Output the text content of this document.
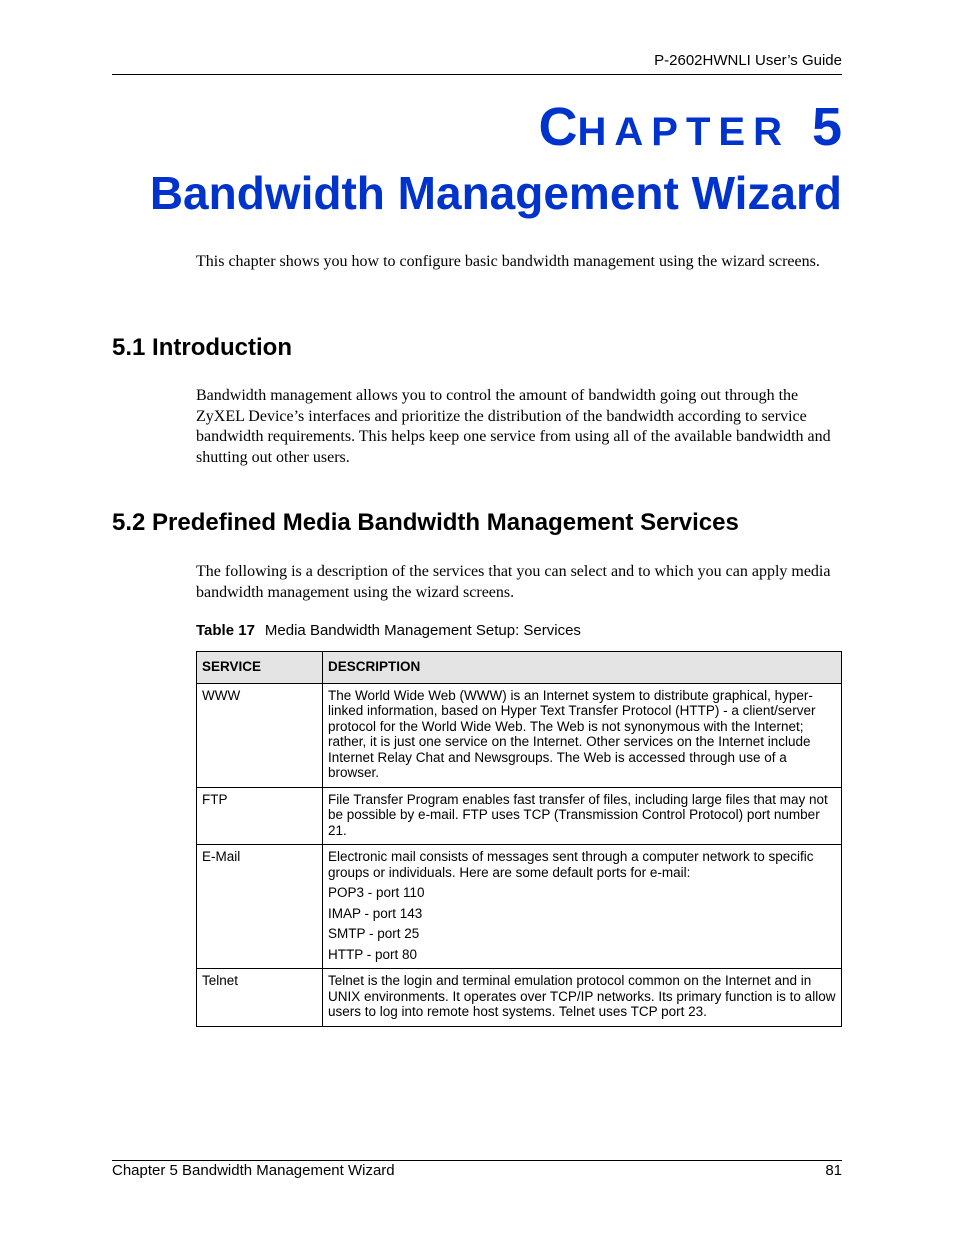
P-2602HWNLI User’s Guide
CHAPTER 5
Bandwidth Management Wizard
This chapter shows you how to configure basic bandwidth management using the wizard screens.
5.1 Introduction
Bandwidth management allows you to control the amount of bandwidth going out through the ZyXEL Device’s interfaces and prioritize the distribution of the bandwidth according to service bandwidth requirements. This helps keep one service from using all of the available bandwidth and shutting out other users.
5.2 Predefined Media Bandwidth Management Services
The following is a description of the services that you can select and to which you can apply media bandwidth management using the wizard screens.
Table 17 Media Bandwidth Management Setup: Services
SERVICE	DESCRIPTION
WWW	The World Wide Web (WWW) is an Internet system to distribute graphical, hyper-linked information, based on Hyper Text Transfer Protocol (HTTP) - a client/server protocol for the World Wide Web. The Web is not synonymous with the Internet; rather, it is just one service on the Internet. Other services on the Internet include Internet Relay Chat and Newsgroups. The Web is accessed through use of a browser.

FTP	File Transfer Program enables fast transfer of files, including large files that may not be possible by e-mail. FTP uses TCP (Transmission Control Protocol) port number 21.

E-Mail	Electronic mail consists of messages sent through a computer network to specific groups or individuals. Here are some default ports for e-mail:

POP3 - port 110

IMAP - port 143

SMTP - port 25

HTTP - port 80

Telnet	Telnet is the login and terminal emulation protocol common on the Internet and in UNIX environments. It operates over TCP/IP networks. Its primary function is to allow users to log into remote host systems. Telnet uses TCP port 23.

Chapter 5 Bandwidth Management Wizard	81
